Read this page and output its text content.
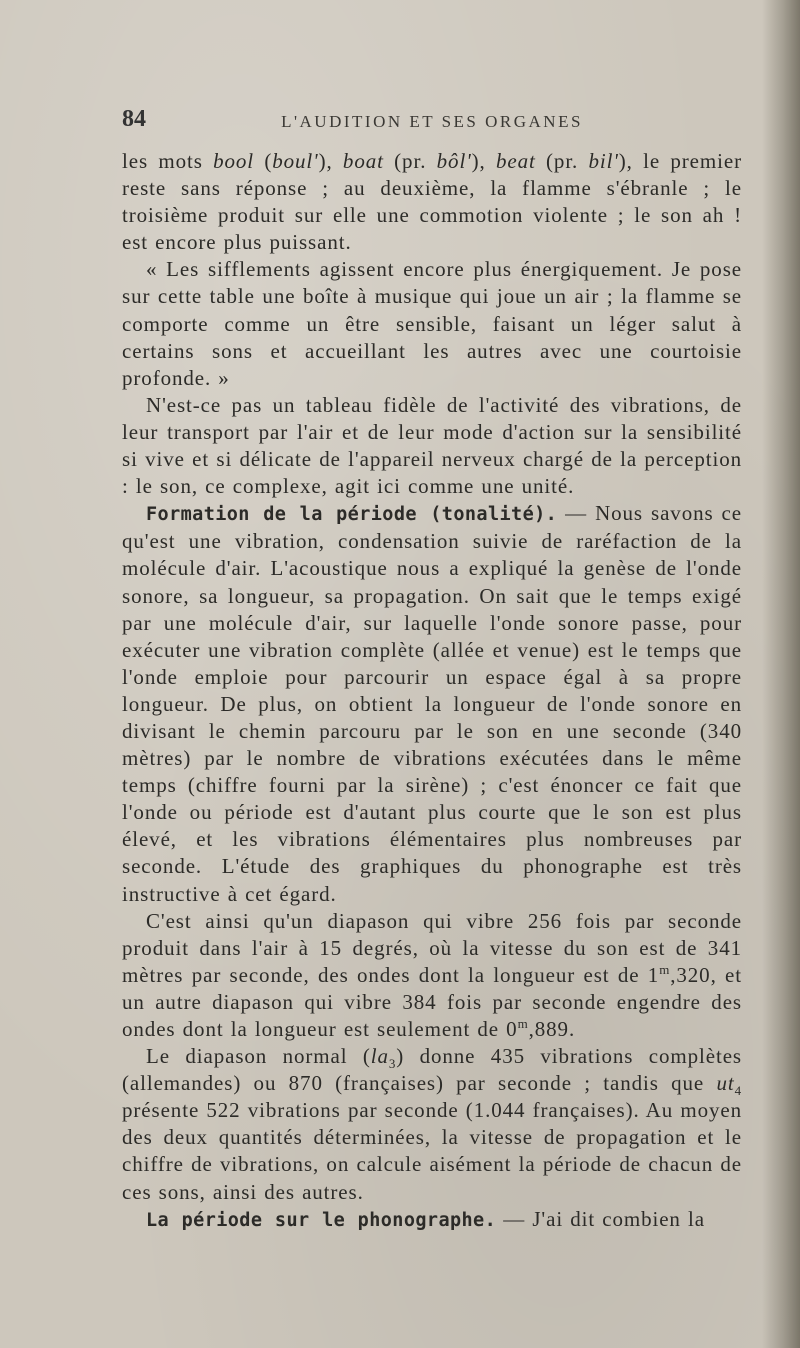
84	L'AUDITION ET SES ORGANES

les mots bool (boul'), boat (pr. bôl'), beat (pr. bil'), le premier reste sans réponse ; au deuxième, la flamme s'ébranle ; le troisième produit sur elle une commotion violente ; le son ah ! est encore plus puissant.

« Les sifflements agissent encore plus énergiquement. Je pose sur cette table une boîte à musique qui joue un air ; la flamme se comporte comme un être sensible, faisant un léger salut à certains sons et accueillant les autres avec une courtoisie profonde. »

N'est-ce pas un tableau fidèle de l'activité des vibrations, de leur transport par l'air et de leur mode d'action sur la sensibilité si vive et si délicate de l'appareil nerveux chargé de la perception : le son, ce complexe, agit ici comme une unité.

Formation de la période (tonalité). — Nous savons ce qu'est une vibration, condensation suivie de raréfaction de la molécule d'air. L'acoustique nous a expliqué la genèse de l'onde sonore, sa longueur, sa propagation. On sait que le temps exigé par une molécule d'air, sur laquelle l'onde sonore passe, pour exécuter une vibration complète (allée et venue) est le temps que l'onde emploie pour parcourir un espace égal à sa propre longueur. De plus, on obtient la longueur de l'onde sonore en divisant le chemin parcouru par le son en une seconde (340 mètres) par le nombre de vibrations exécutées dans le même temps (chiffre fourni par la sirène) ; c'est énoncer ce fait que l'onde ou période est d'autant plus courte que le son est plus élevé, et les vibrations élémentaires plus nombreuses par seconde. L'étude des graphiques du phonographe est très instructive à cet égard.

C'est ainsi qu'un diapason qui vibre 256 fois par seconde produit dans l'air à 15 degrés, où la vitesse du son est de 341 mètres par seconde, des ondes dont la longueur est de 1$^m$,320, et un autre diapason qui vibre 384 fois par seconde engendre des ondes dont la longueur est seulement de 0$^m$,889.

Le diapason normal $(la_3)$ donne 435 vibrations complètes (allemandes) ou 870 (françaises) par seconde ; tandis que $ut_4$ présente 522 vibrations par seconde (1.044 françaises). Au moyen des deux quantités déterminées, la vitesse de propagation et le chiffre de vibrations, on calcule aisément la période de chacun de ces sons, ainsi des autres.

La période sur le phonographe. — J'ai dit combien la
